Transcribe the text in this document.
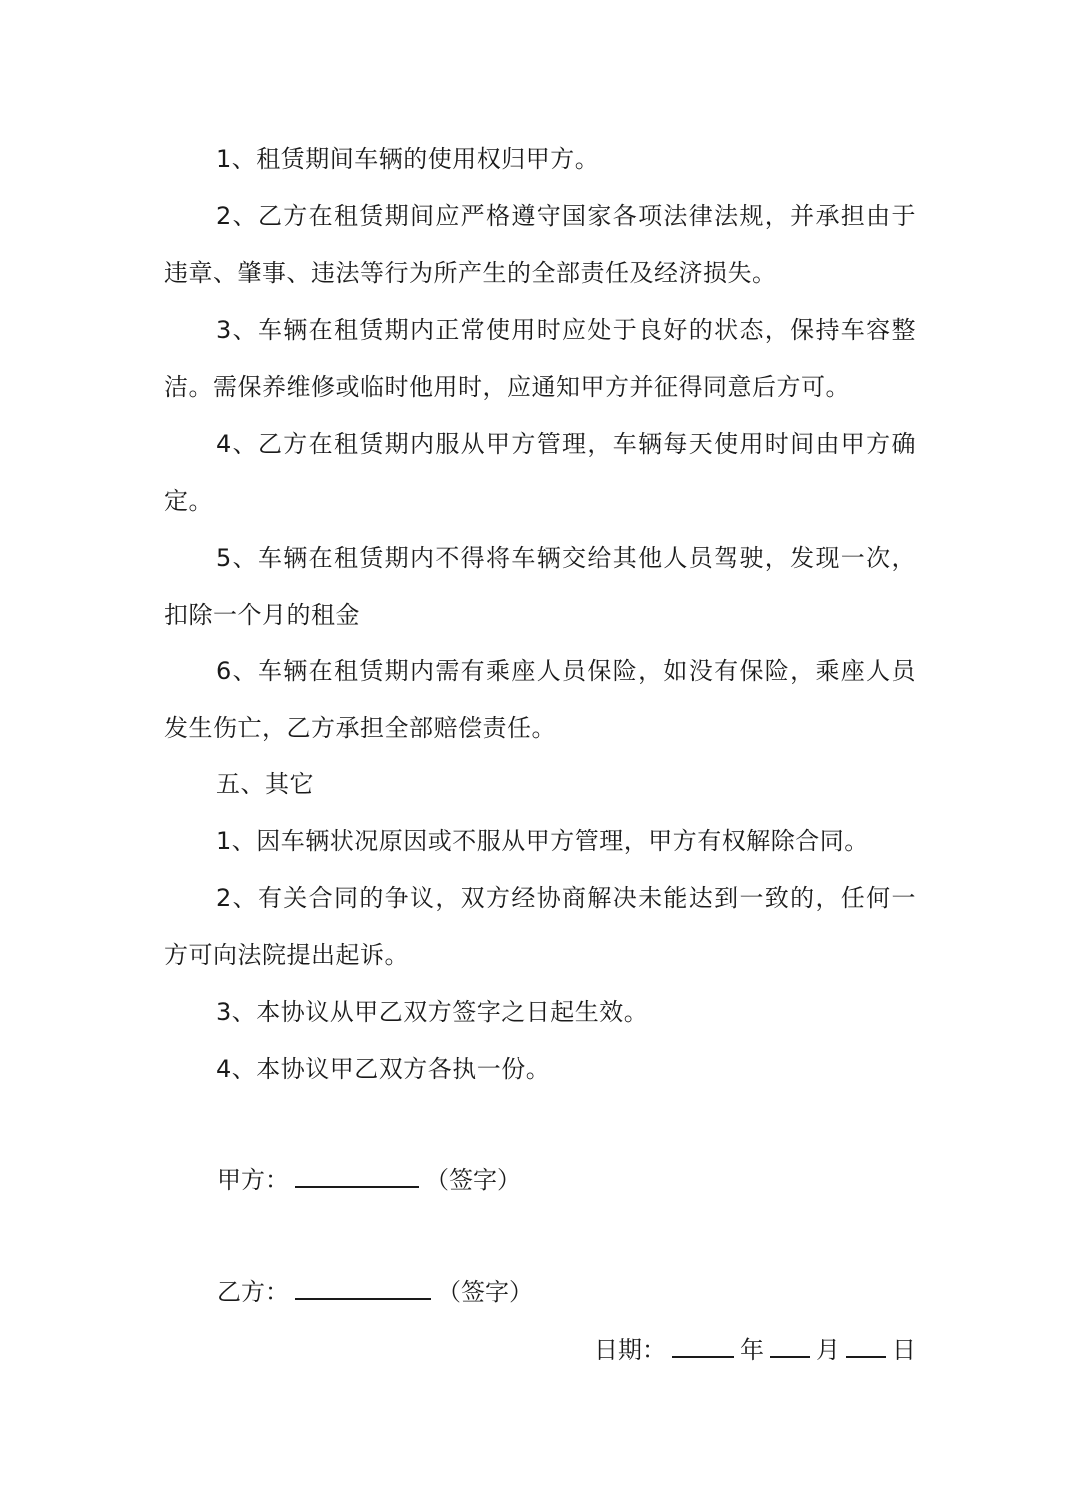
1、租赁期间车辆的使用权归甲方。

2、乙方在租赁期间应严格遵守国家各项法律法规，并承担由于违章、肇事、违法等行为所产生的全部责任及经济损失。

3、车辆在租赁期内正常使用时应处于良好的状态，保持车容整洁。需保养维修或临时他用时，应通知甲方并征得同意后方可。

4、乙方在租赁期内服从甲方管理，车辆每天使用时间由甲方确定。

5、车辆在租赁期内不得将车辆交给其他人员驾驶，发现一次，扣除一个月的租金

6、车辆在租赁期内需有乘座人员保险，如没有保险，乘座人员发生伤亡，乙方承担全部赔偿责任。

五、其它

1、因车辆状况原因或不服从甲方管理，甲方有权解除合同。

2、有关合同的争议，双方经协商解决未能达到一致的，任何一方可向法院提出起诉。

3、本协议从甲乙双方签字之日起生效。

4、本协议甲乙双方各执一份。

甲方：	（签字）
乙方：	（签字）
日期：	年 月 日
